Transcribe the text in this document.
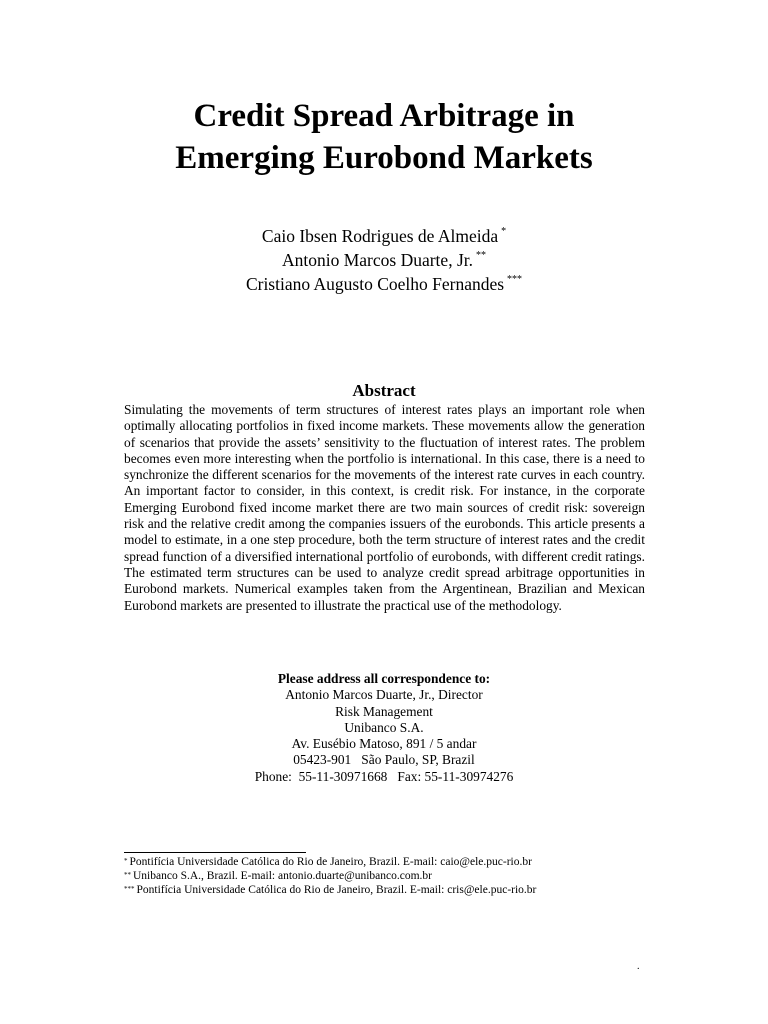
Credit Spread Arbitrage in
Emerging Eurobond Markets
Caio Ibsen Rodrigues de Almeida *
Antonio Marcos Duarte, Jr. **
Cristiano Augusto Coelho Fernandes ***
Abstract
Simulating the movements of term structures of interest rates plays an important role when optimally allocating portfolios in fixed income markets. These movements allow the generation of scenarios that provide the assets’ sensitivity to the fluctuation of interest rates. The problem becomes even more interesting when the portfolio is international. In this case, there is a need to synchronize the different scenarios for the movements of the interest rate curves in each country. An important factor to consider, in this context, is credit risk. For instance, in the corporate Emerging Eurobond fixed income market there are two main sources of credit risk: sovereign risk and the relative credit among the companies issuers of the eurobonds. This article presents a model to estimate, in a one step procedure, both the term structure of interest rates and the credit spread function of a diversified international portfolio of eurobonds, with different credit ratings. The estimated term structures can be used to analyze credit spread arbitrage opportunities in Eurobond markets. Numerical examples taken from the Argentinean, Brazilian and Mexican Eurobond markets are presented to illustrate the practical use of the methodology.
Please address all correspondence to:
Antonio Marcos Duarte, Jr., Director
Risk Management
Unibanco S.A.
Av. Eusébio Matoso, 891 / 5 andar
05423-901   São Paulo, SP, Brazil
Phone:  55-11-30971668   Fax: 55-11-30974276
* Pontifícia Universidade Católica do Rio de Janeiro, Brazil. E-mail: caio@ele.puc-rio.br
** Unibanco S.A., Brazil. E-mail: antonio.duarte@unibanco.com.br
*** Pontifícia Universidade Católica do Rio de Janeiro, Brazil. E-mail: cris@ele.puc-rio.br
.
